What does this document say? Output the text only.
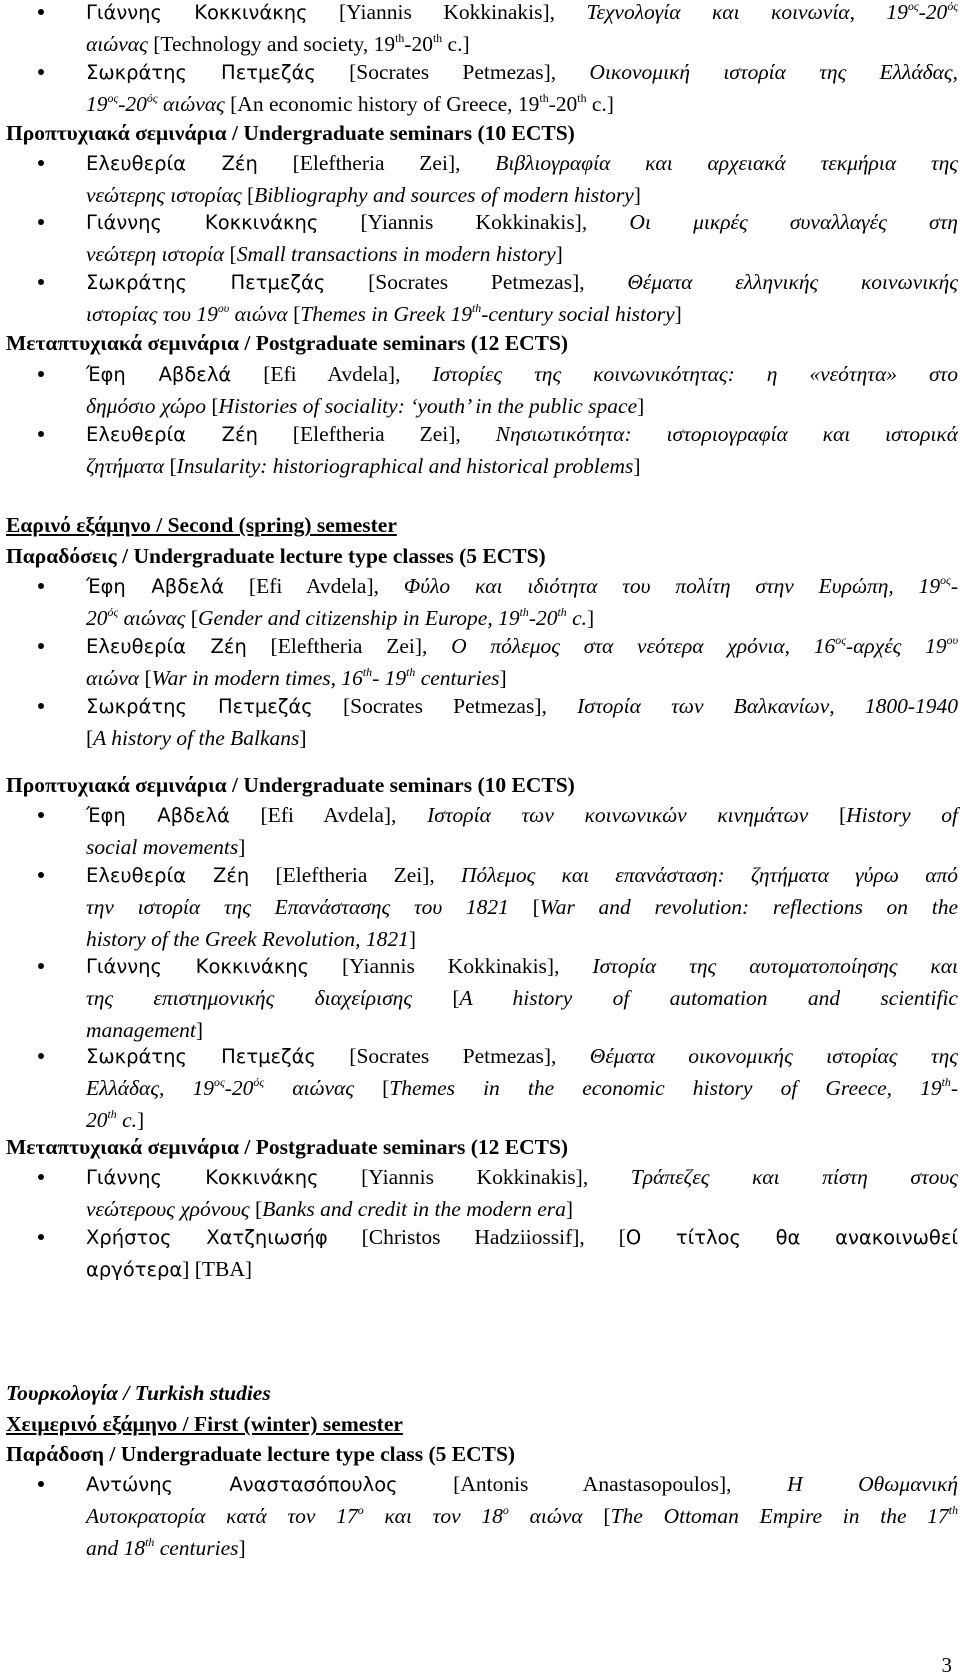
Γιάννης Κοκκινάκης [Yiannis Kokkinakis], Τεχνολογία και κοινωνία, $19^{o\varsigma}-20^{ό\varsigma}$
αιώνας [Technology and society, 19th-20th c.]
Σωκράτης Πετμεζάς [Socrates Petmezas], Οικονομική ιστορία της Ελλάδας,
$19^{o\varsigma}-20^{ό\varsigma}$ αιώνας [An economic history of Greece, 19th-20th c.]
Προπτυχιακά σεμινάρια / Undergraduate seminars (10 ECTS)
Ελευθερία Ζέη [Eleftheria Zei], Βιβλιογραφία και αρχειακά τεκμήρια της
νεώτερης ιστορίας [Bibliography and sources of modern history]
Γιάννης Κοκκινάκης [Yiannis Kokkinakis], Οι μικρές συναλλαγές στη
νεώτερη ιστορία [Small transactions in modern history]
Σωκράτης Πετμεζάς [Socrates Petmezas], Θέματα ελληνικής κοινωνικής
ιστορίας του $19^{o\upsilon}$ αιώνα [Themes in Greek 19th-century social history]
Μεταπτυχιακά σεμινάρια / Postgraduate seminars (12 ECTS)
Έφη Αβδελά [Efi Avdela], Ιστορίες της κοινωνικότητας: η «νεότητα» στο
δημόσιο χώρο [Histories of sociality: ‘youth’ in the public space]
Ελευθερία Ζέη [Eleftheria Zei], Νησιωτικότητα: ιστοριογραφία και ιστορικά
ζητήματα [Insularity: historiographical and historical problems]
Εαρινό εξάμηνο / Second (spring) semester
Παραδόσεις / Undergraduate lecture type classes (5 ECTS)
Έφη Αβδελά [Efi Avdela], Φύλο και ιδιότητα του πολίτη στην Ευρώπη, $19^{o\varsigma}-$
$20^{ό\varsigma}$ αιώνας [Gender and citizenship in Europe, 19th-20th c.]
Ελευθερία Ζέη [Eleftheria Zei], Ο πόλεμος στα νεότερα χρόνια, $16^{o\varsigma}$-αρχές $19^{o\upsilon}$
αιώνα [War in modern times, 16th- 19th centuries]
Σωκράτης Πετμεζάς [Socrates Petmezas], Ιστορία των Βαλκανίων, 1800-1940
[A history of the Balkans]
Προπτυχιακά σεμινάρια / Undergraduate seminars (10 ECTS)
Έφη Αβδελά [Efi Avdela], Ιστορία των κοινωνικών κινημάτων [History of
social movements]
Ελευθερία Ζέη [Eleftheria Zei], Πόλεμος και επανάσταση: ζητήματα γύρω από
την ιστορία της Επανάστασης του 1821 [War and revolution: reflections on the
history of the Greek Revolution, 1821]
Γιάννης Κοκκινάκης [Yiannis Kokkinakis], Ιστορία της αυτοματοποίησης και
της επιστημονικής διαχείρισης [A history of automation and scientific
management]
Σωκράτης Πετμεζάς [Socrates Petmezas], Θέματα οικονομικής ιστορίας της
Ελλάδας, $19^{o\varsigma}-20^{ό\varsigma}$ αιώνας [Themes in the economic history of Greece, 19th-
20th c.]
Μεταπτυχιακά σεμινάρια / Postgraduate seminars (12 ECTS)
Γιάννης Κοκκινάκης [Yiannis Kokkinakis], Τράπεζες και πίστη στους
νεώτερους χρόνους [Banks and credit in the modern era]
Χρήστος Χατζηιωσήφ [Christos Hadziiossif], [Ο τίτλος θα ανακοινωθεί
αργότερα] [TBA]
Τουρκολογία / Turkish studies
Χειμερινό εξάμηνο / First (winter) semester
Παράδοση / Undergraduate lecture type class (5 ECTS)
Αντώνης Αναστασόπουλος [Antonis Anastasopoulos], Η Οθωμανική
Αυτοκρατορία κατά τον $17^o$ και τον $18^o$ αιώνα [The Ottoman Empire in the 17th
and 18th centuries]
3
